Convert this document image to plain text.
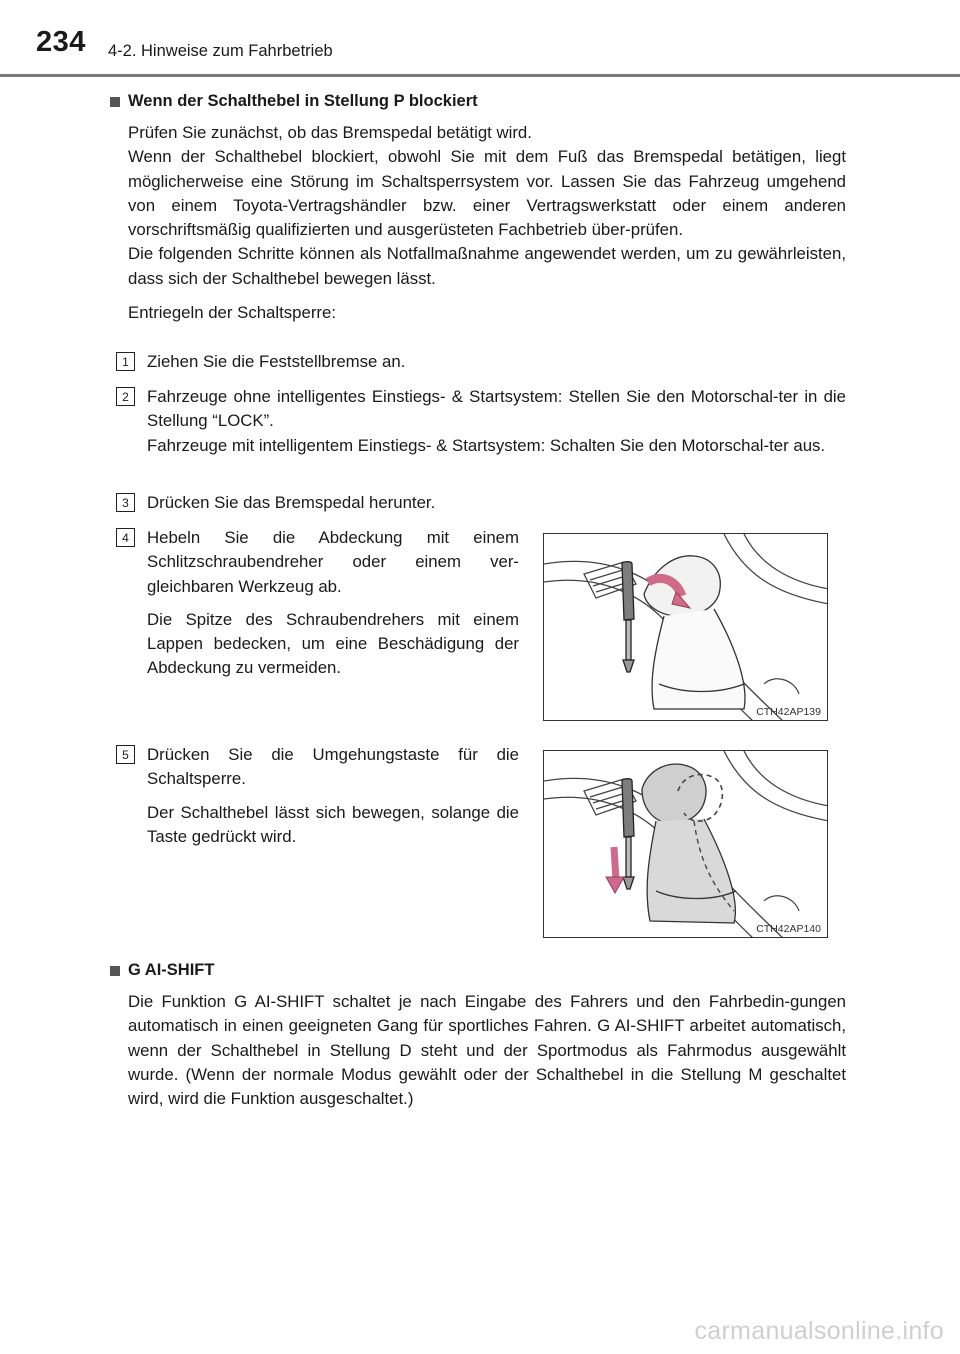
234 4-2. Hinweise zum Fahrbetrieb
Wenn der Schalthebel in Stellung P blockiert

Prüfen Sie zunächst, ob das Bremspedal betätigt wird.

Wenn der Schalthebel blockiert, obwohl Sie mit dem Fuß das Bremspedal betätigen, liegt möglicherweise eine Störung im Schaltsperrsystem vor. Lassen Sie das Fahrzeug umgehend von einem Toyota-Vertragshändler bzw. einer Vertragswerkstatt oder einem anderen vorschriftsmäßig qualifizierten und ausgerüsteten Fachbetrieb über-prüfen.

Die folgenden Schritte können als Notfallmaßnahme angewendet werden, um zu gewährleisten, dass sich der Schalthebel bewegen lässt.

Entriegeln der Schaltsperre:

1	Ziehen Sie die Feststellbremse an.

2	Fahrzeuge ohne intelligentes Einstiegs- & Startsystem: Stellen Sie den Motorschal-ter in die Stellung “LOCK”.

Fahrzeuge mit intelligentem Einstiegs- & Startsystem: Schalten Sie den Motorschal-ter aus.

3	Drücken Sie das Bremspedal herunter.

4	Hebeln Sie die Abdeckung mit einem Schlitzschraubendreher oder einem ver-gleichbaren Werkzeug ab.

Die Spitze des Schraubendrehers mit einem Lappen bedecken, um eine Beschädigung der Abdeckung zu vermeiden.

CTH42AP139
5	Drücken Sie die Umgehungstaste für die Schaltsperre.

Der Schalthebel lässt sich bewegen, solange die Taste gedrückt wird.

CTH42AP140
G AI-SHIFT

Die Funktion G AI-SHIFT schaltet je nach Eingabe des Fahrers und den Fahrbedin-gungen automatisch in einen geeigneten Gang für sportliches Fahren. G AI-SHIFT arbeitet automatisch, wenn der Schalthebel in Stellung D steht und der Sportmodus als Fahrmodus ausgewählt wurde. (Wenn der normale Modus gewählt oder der Schalthebel in die Stellung M geschaltet wird, wird die Funktion ausgeschaltet.)

carmanualsonline.info
